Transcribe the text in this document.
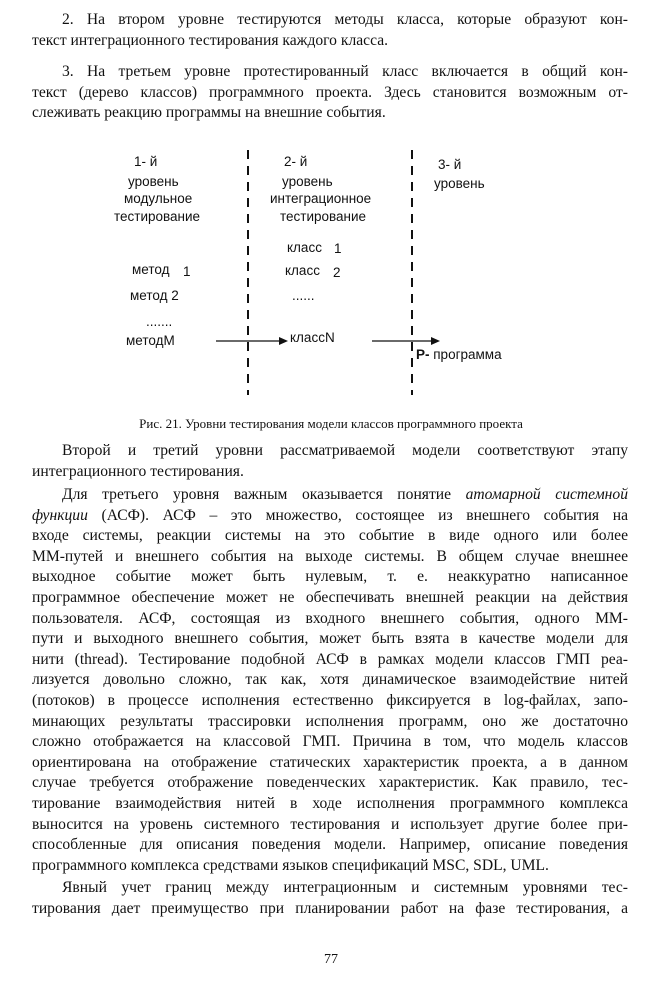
2. На втором уровне тестируются методы класса, которые образуют кон-
текст интеграционного тестирования каждого класса.
3. На третьем уровне протестированный класс включается в общий кон-
текст (дерево классов) программного проекта. Здесь становится возможным от-
слеживать реакцию программы на внешние события.
1- й
уровень
модульное
тестирование
2- й
уровень
интеграционное
тестирование
3- й
уровень
метод 1
метод 2
.......
методМ
класс 1
класс 2
......
классN
P- программа
Рис. 21. Уровни тестирования модели классов программного проекта
Второй и третий уровни рассматриваемой модели соответствуют этапу
интеграционного тестирования.
Для третьего уровня важным оказывается понятие атомарной системной
функции (АСФ). АСФ – это множество, состоящее из внешнего события на
входе системы, реакции системы на это событие в виде одного или более
ММ-путей и внешнего события на выходе системы. В общем случае внешнее
выходное событие может быть нулевым, т. е. неаккуратно написанное
программное обеспечение может не обеспечивать внешней реакции на действия
пользователя. АСФ, состоящая из входного внешнего события, одного ММ-
пути и выходного внешнего события, может быть взята в качестве модели для
нити (thread). Тестирование подобной АСФ в рамках модели классов ГМП реа-
лизуется довольно сложно, так как, хотя динамическое взаимодействие нитей
(потоков) в процессе исполнения естественно фиксируется в log-файлах, запо-
минающих результаты трассировки исполнения программ, оно же достаточно
сложно отображается на классовой ГМП. Причина в том, что модель классов
ориентирована на отображение статических характеристик проекта, а в данном
случае требуется отображение поведенческих характеристик. Как правило, тес-
тирование взаимодействия нитей в ходе исполнения программного комплекса
выносится на уровень системного тестирования и использует другие более при-
способленные для описания поведения модели. Например, описание поведения
программного комплекса средствами языков спецификаций MSC, SDL, UML.
Явный учет границ между интеграционным и системным уровнями тес-
тирования дает преимущество при планировании работ на фазе тестирования, а
77
